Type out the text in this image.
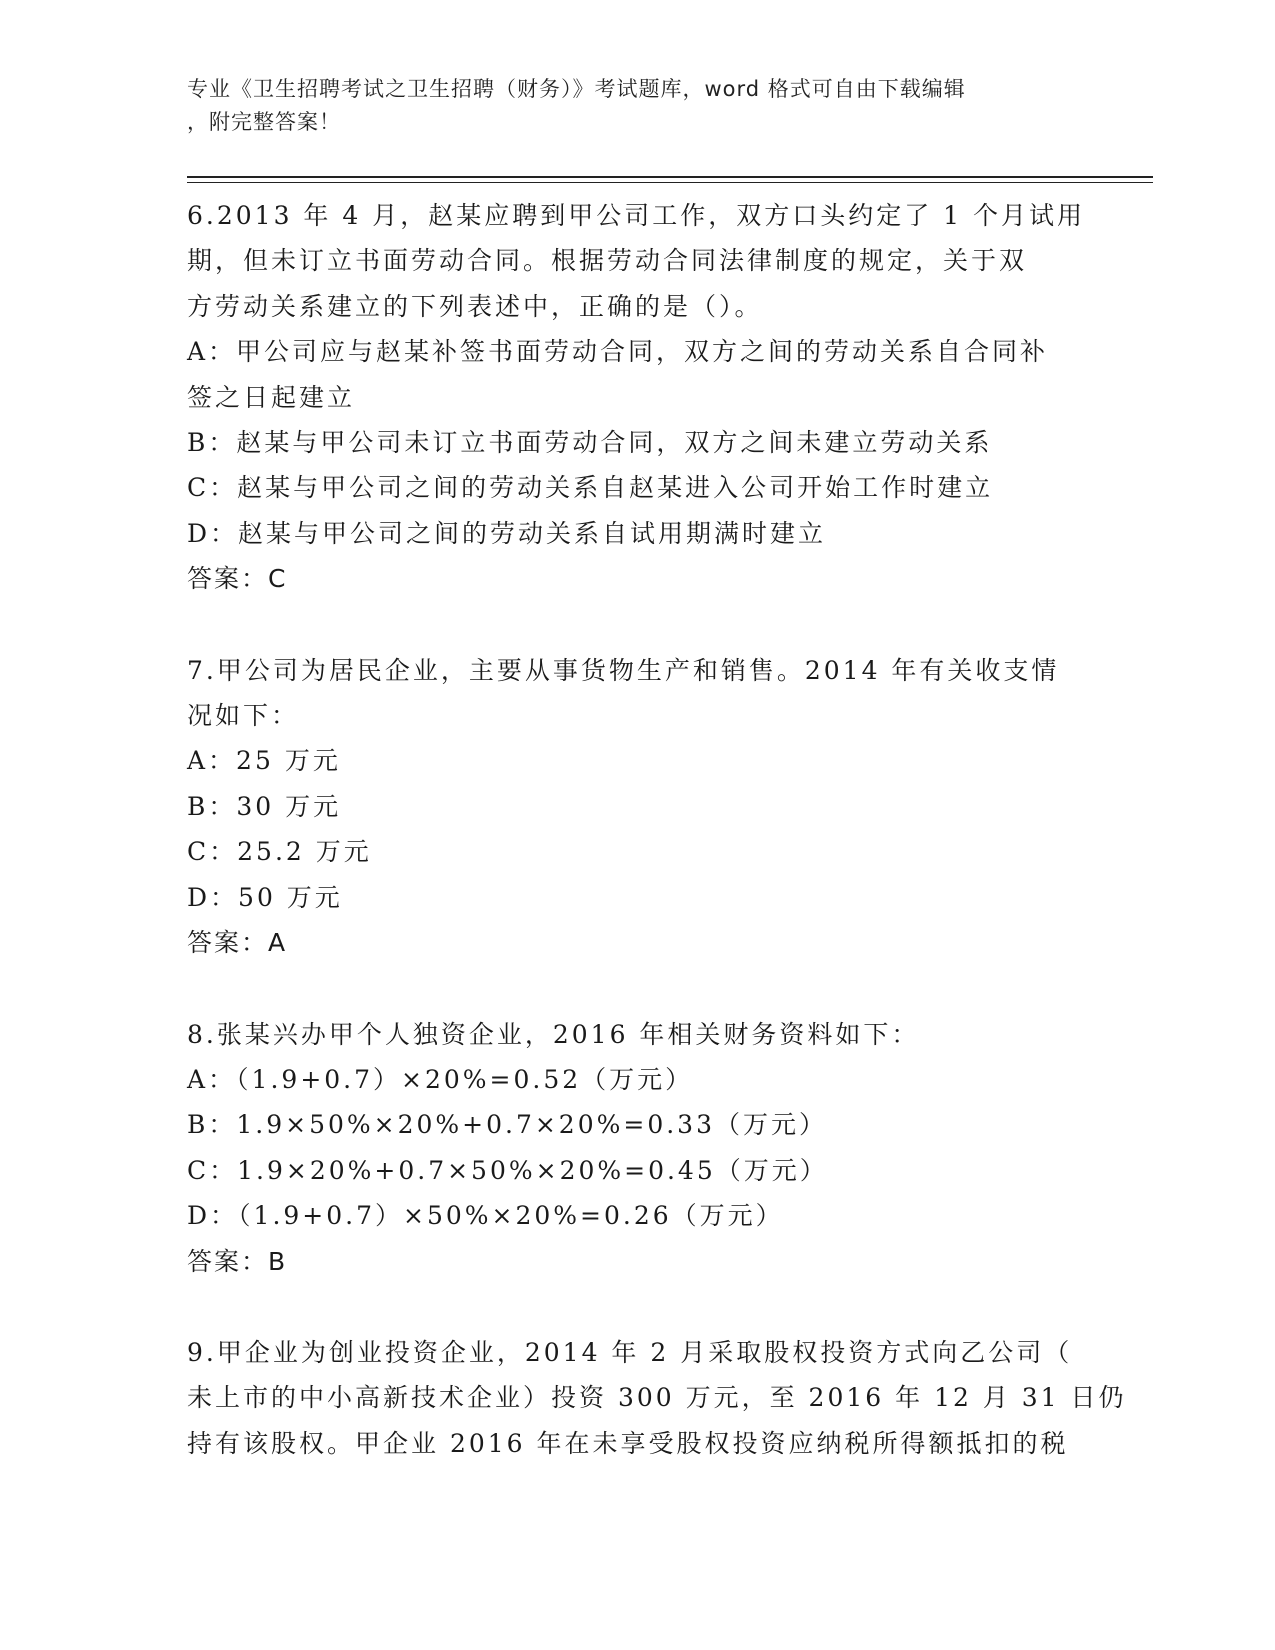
专业《卫生招聘考试之卫生招聘（财务）》考试题库，word 格式可自由下载编辑
，附完整答案！

6.2013 年 4 月，赵某应聘到甲公司工作，双方口头约定了 1 个月试用

期，但未订立书面劳动合同。根据劳动合同法律制度的规定，关于双

方劳动关系建立的下列表述中，正确的是（）。

A：甲公司应与赵某补签书面劳动合同，双方之间的劳动关系自合同补

签之日起建立

B：赵某与甲公司未订立书面劳动合同，双方之间未建立劳动关系

C：赵某与甲公司之间的劳动关系自赵某进入公司开始工作时建立

D：赵某与甲公司之间的劳动关系自试用期满时建立

答案：C

7.甲公司为居民企业，主要从事货物生产和销售。2014 年有关收支情

况如下：

A：25 万元

B：30 万元

C：25.2 万元

D：50 万元

答案：A

8.张某兴办甲个人独资企业，2016 年相关财务资料如下：

A：（1.9+0.7）×20%=0.52（万元）

B：1.9×50%×20%+0.7×20%=0.33（万元）

C：1.9×20%+0.7×50%×20%=0.45（万元）

D：（1.9+0.7）×50%×20%=0.26（万元）

答案：B

9.甲企业为创业投资企业，2014 年 2 月采取股权投资方式向乙公司（

未上市的中小高新技术企业）投资 300 万元，至 2016 年 12 月 31 日仍

持有该股权。甲企业 2016 年在未享受股权投资应纳税所得额抵扣的税
